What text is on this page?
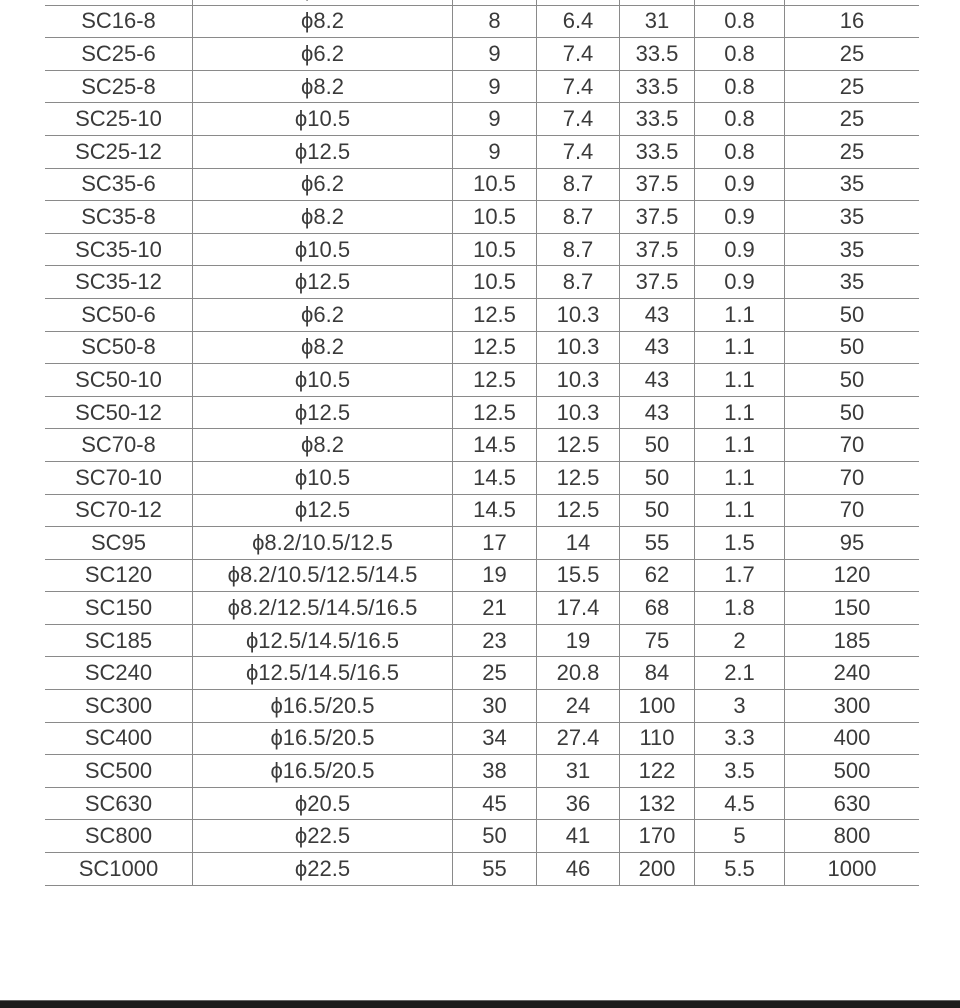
SC16-8	ϕ8.2	8	6.4	31	0.8	16
SC25-6	ϕ6.2	9	7.4	33.5	0.8	25
SC25-8	ϕ8.2	9	7.4	33.5	0.8	25
SC25-10	ϕ10.5	9	7.4	33.5	0.8	25
SC25-12	ϕ12.5	9	7.4	33.5	0.8	25
SC35-6	ϕ6.2	10.5	8.7	37.5	0.9	35
SC35-8	ϕ8.2	10.5	8.7	37.5	0.9	35
SC35-10	ϕ10.5	10.5	8.7	37.5	0.9	35
SC35-12	ϕ12.5	10.5	8.7	37.5	0.9	35
SC50-6	ϕ6.2	12.5	10.3	43	1.1	50
SC50-8	ϕ8.2	12.5	10.3	43	1.1	50
SC50-10	ϕ10.5	12.5	10.3	43	1.1	50
SC50-12	ϕ12.5	12.5	10.3	43	1.1	50
SC70-8	ϕ8.2	14.5	12.5	50	1.1	70
SC70-10	ϕ10.5	14.5	12.5	50	1.1	70
SC70-12	ϕ12.5	14.5	12.5	50	1.1	70
SC95	ϕ8.2/10.5/12.5	17	14	55	1.5	95
SC120	ϕ8.2/10.5/12.5/14.5	19	15.5	62	1.7	120
SC150	ϕ8.2/12.5/14.5/16.5	21	17.4	68	1.8	150
SC185	ϕ12.5/14.5/16.5	23	19	75	2	185
SC240	ϕ12.5/14.5/16.5	25	20.8	84	2.1	240
SC300	ϕ16.5/20.5	30	24	100	3	300
SC400	ϕ16.5/20.5	34	27.4	110	3.3	400
SC500	ϕ16.5/20.5	38	31	122	3.5	500
SC630	ϕ20.5	45	36	132	4.5	630
SC800	ϕ22.5	50	41	170	5	800
SC1000	ϕ22.5	55	46	200	5.5	1000
